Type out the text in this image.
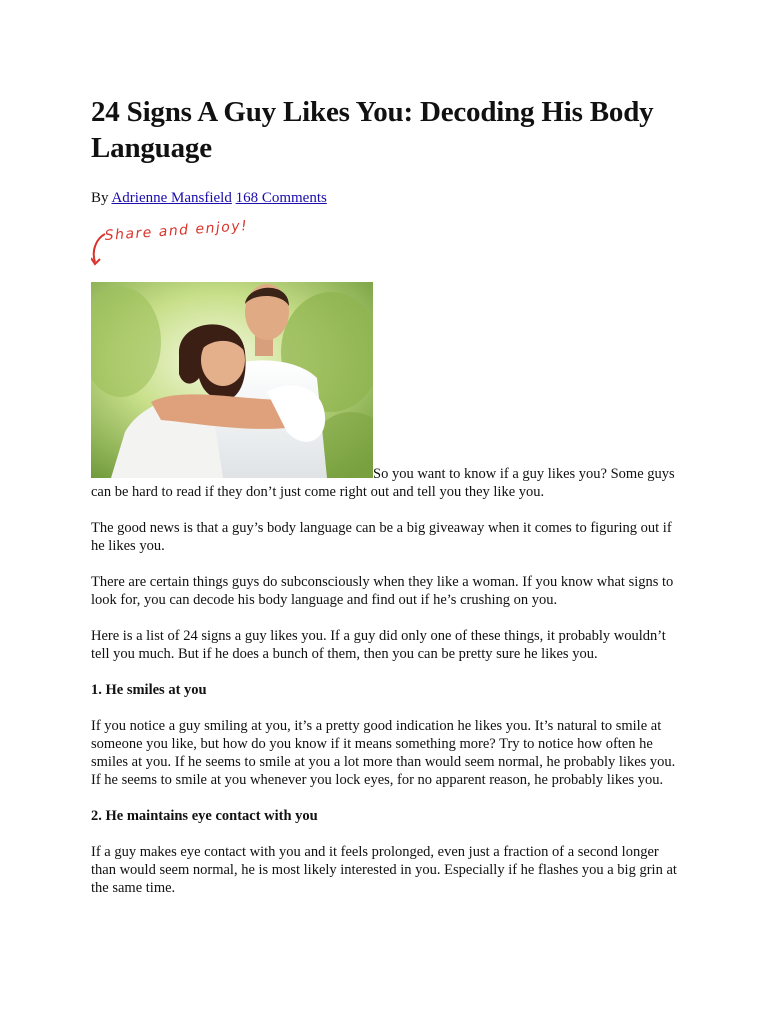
24 Signs A Guy Likes You: Decoding His Body Language
By Adrienne Mansfield 168 Comments
Share and enjoy!

So you want to know if a guy likes you? Some guys can be hard to read if they don’t just come right out and tell you they like you.

The good news is that a guy’s body language can be a big giveaway when it comes to figuring out if he likes you.

There are certain things guys do subconsciously when they like a woman. If you know what signs to look for, you can decode his body language and find out if he’s crushing on you.

Here is a list of 24 signs a guy likes you. If a guy did only one of these things, it probably wouldn’t tell you much. But if he does a bunch of them, then you can be pretty sure he likes you.

1. He smiles at you

If you notice a guy smiling at you, it’s a pretty good indication he likes you. It’s natural to smile at someone you like, but how do you know if it means something more? Try to notice how often he smiles at you. If he seems to smile at you a lot more than would seem normal, he probably likes you. If he seems to smile at you whenever you lock eyes, for no apparent reason, he probably likes you.

2. He maintains eye contact with you

If a guy makes eye contact with you and it feels prolonged, even just a fraction of a second longer than would seem normal, he is most likely interested in you. Especially if he flashes you a big grin at the same time.
